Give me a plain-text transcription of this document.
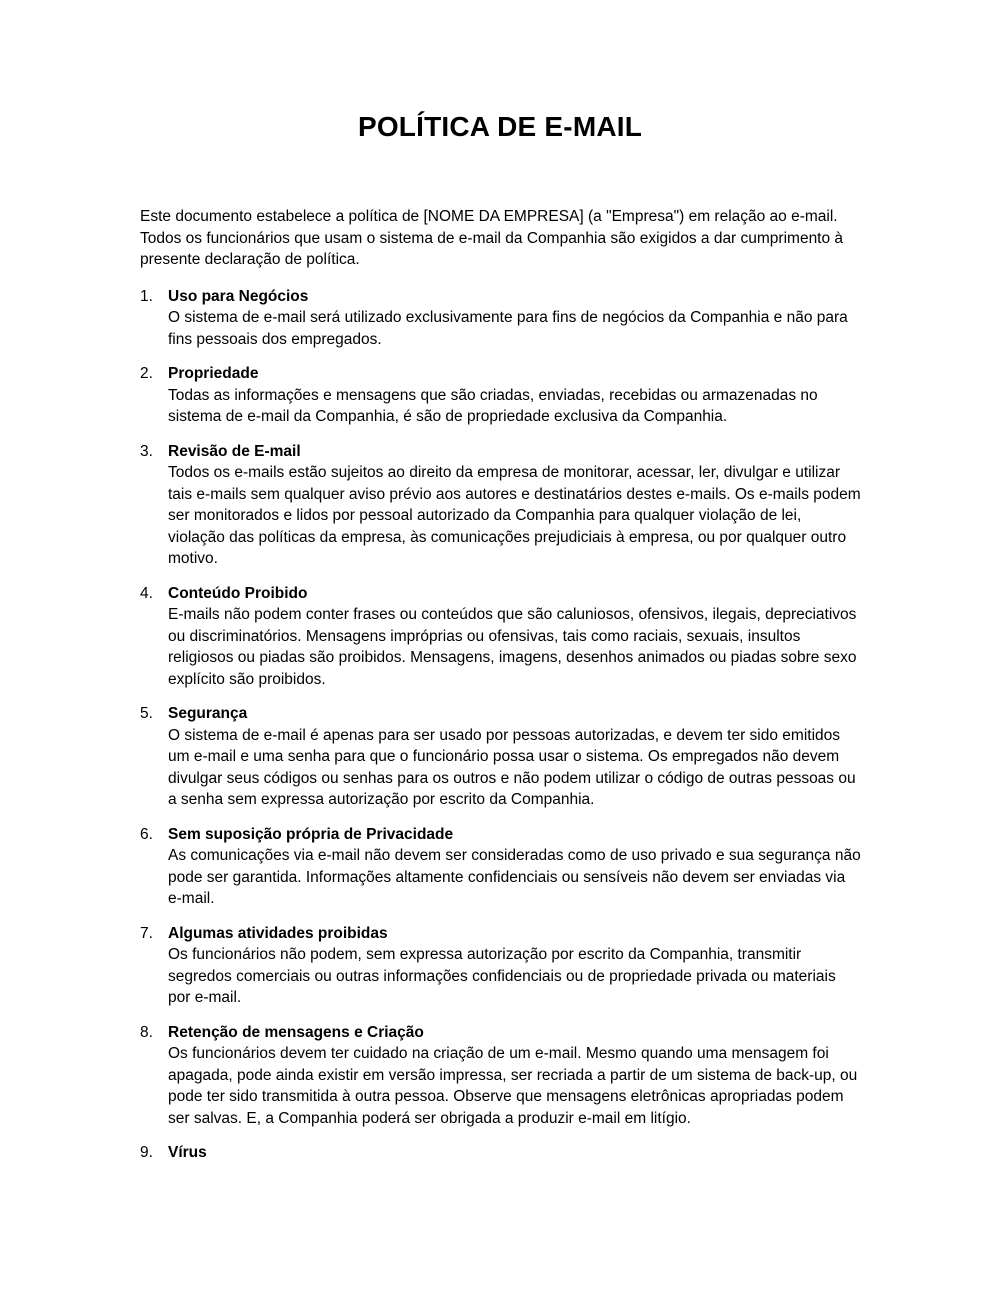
POLÍTICA DE E-MAIL

Este documento estabelece a política de [NOME DA EMPRESA] (a "Empresa") em relação ao e-mail. Todos os funcionários que usam o sistema de e-mail da Companhia são exigidos a dar cumprimento à presente declaração de política.

1. Uso para Negócios
O sistema de e-mail será utilizado exclusivamente para fins de negócios da Companhia e não para fins pessoais dos empregados.
2. Propriedade
Todas as informações e mensagens que são criadas, enviadas, recebidas ou armazenadas no sistema de e-mail da Companhia, é são de propriedade exclusiva da Companhia.
3. Revisão de E-mail
Todos os e-mails estão sujeitos ao direito da empresa de monitorar, acessar, ler, divulgar e utilizar tais e-mails sem qualquer aviso prévio aos autores e destinatários destes e-mails. Os e-mails podem ser monitorados e lidos por pessoal autorizado da Companhia para qualquer violação de lei, violação das políticas da empresa, às comunicações prejudiciais à empresa, ou por qualquer outro motivo.
4. Conteúdo Proibido
E-mails não podem conter frases ou conteúdos que são caluniosos, ofensivos, ilegais, depreciativos ou discriminatórios. Mensagens impróprias ou ofensivas, tais como raciais, sexuais, insultos religiosos ou piadas são proibidos. Mensagens, imagens, desenhos animados ou piadas sobre sexo explícito são proibidos.
5. Segurança
O sistema de e-mail é apenas para ser usado por pessoas autorizadas, e devem ter sido emitidos um e-mail e uma senha para que o funcionário possa usar o sistema. Os empregados não devem divulgar seus códigos ou senhas para os outros e não podem utilizar o código de outras pessoas ou a senha sem expressa autorização por escrito da Companhia.
6. Sem suposição própria de Privacidade
As comunicações via e-mail não devem ser consideradas como de uso privado e sua segurança não pode ser garantida. Informações altamente confidenciais ou sensíveis não devem ser enviadas via e-mail.
7. Algumas atividades proibidas
Os funcionários não podem, sem expressa autorização por escrito da Companhia, transmitir segredos comerciais ou outras informações confidenciais ou de propriedade privada ou materiais por e-mail.
8. Retenção de mensagens e Criação
Os funcionários devem ter cuidado na criação de um e-mail. Mesmo quando uma mensagem foi apagada, pode ainda existir em versão impressa, ser recriada a partir de um sistema de back-up, ou pode ter sido transmitida à outra pessoa. Observe que mensagens eletrônicas apropriadas podem ser salvas. E, a Companhia poderá ser obrigada a produzir e-mail em litígio.
9. Vírus
